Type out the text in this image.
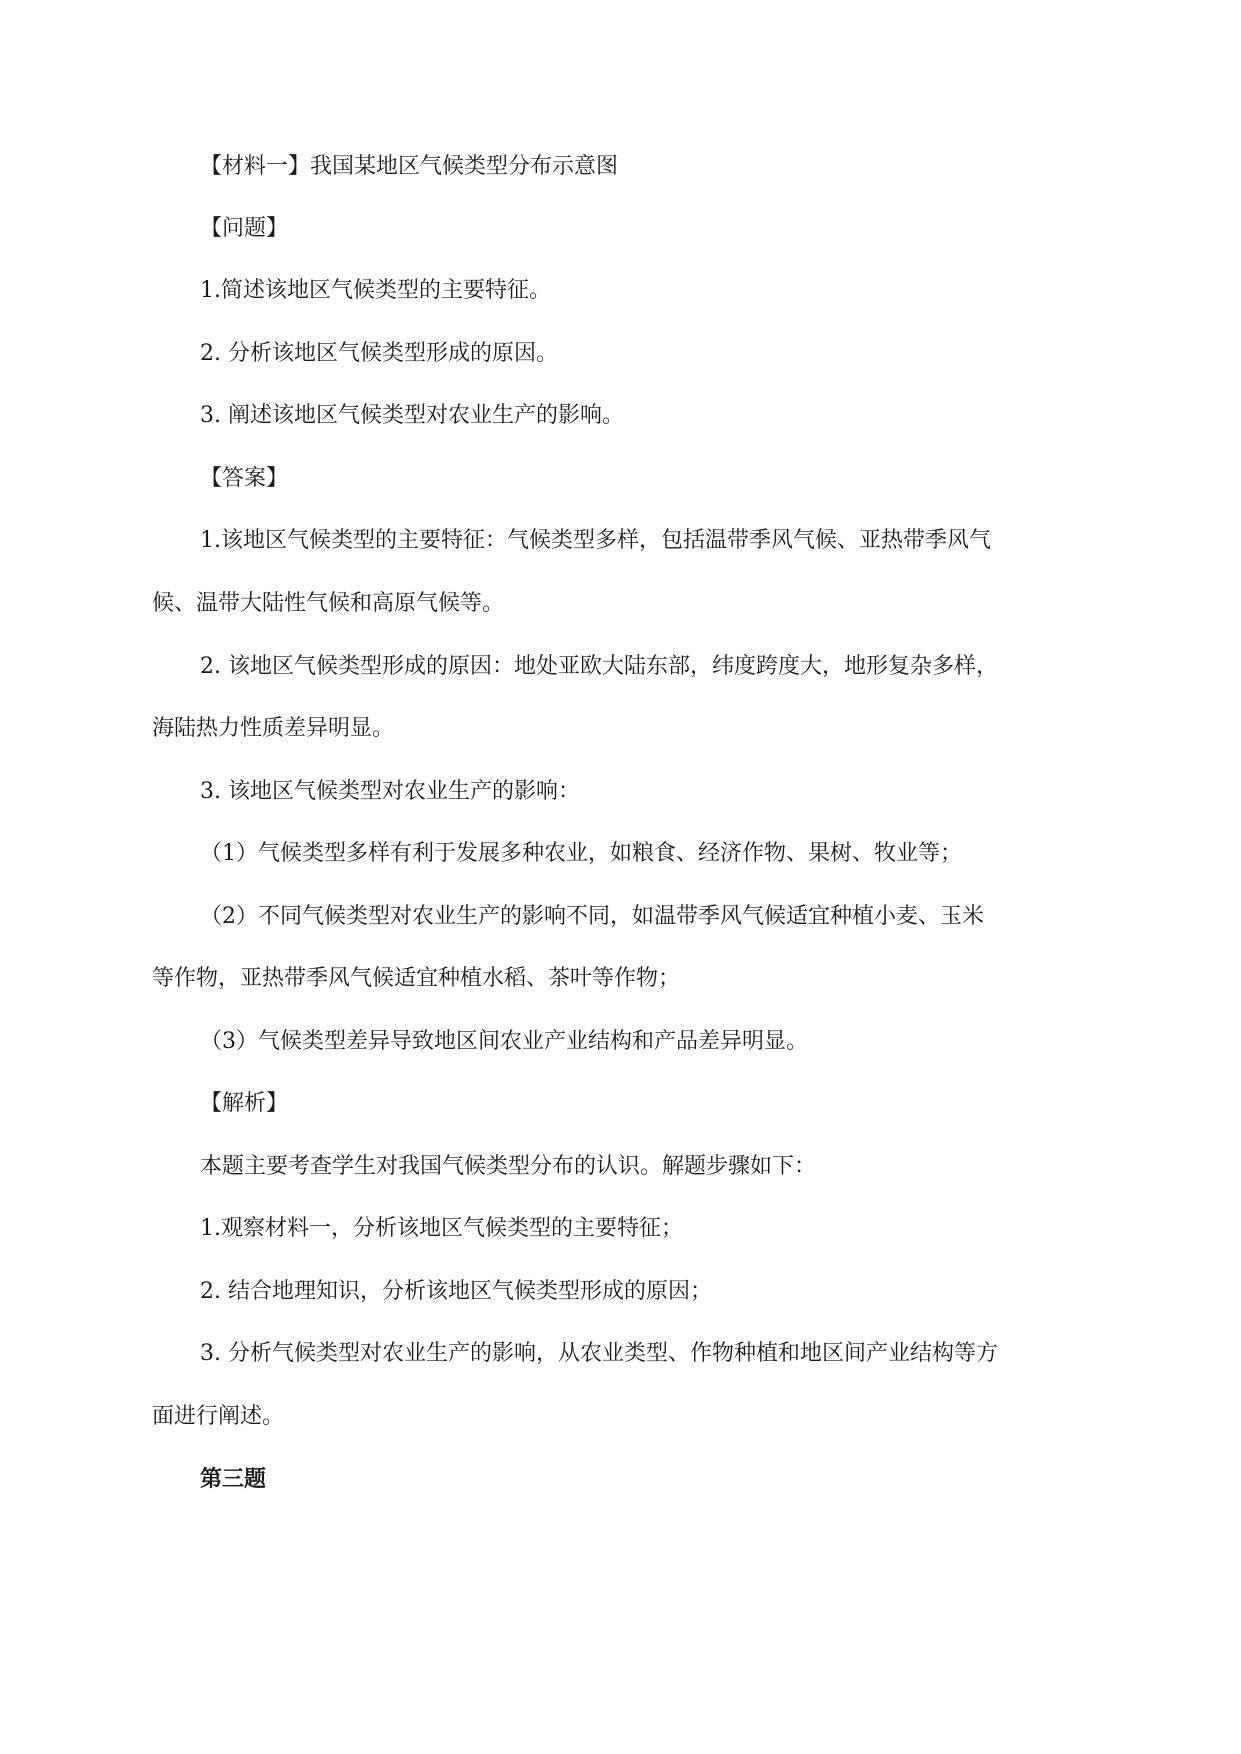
【材料一】我国某地区气候类型分布示意图
【问题】
1.简述该地区气候类型的主要特征。
2. 分析该地区气候类型形成的原因。
3. 阐述该地区气候类型对农业生产的影响。
【答案】
1.该地区气候类型的主要特征：气候类型多样，包括温带季风气候、亚热带季风气
候、温带大陆性气候和高原气候等。
2. 该地区气候类型形成的原因：地处亚欧大陆东部，纬度跨度大，地形复杂多样，
海陆热力性质差异明显。
3. 该地区气候类型对农业生产的影响：
（1）气候类型多样有利于发展多种农业，如粮食、经济作物、果树、牧业等；
（2）不同气候类型对农业生产的影响不同，如温带季风气候适宜种植小麦、玉米
等作物，亚热带季风气候适宜种植水稻、茶叶等作物；
（3）气候类型差异导致地区间农业产业结构和产品差异明显。
【解析】
本题主要考查学生对我国气候类型分布的认识。解题步骤如下：
1.观察材料一，分析该地区气候类型的主要特征；
2. 结合地理知识，分析该地区气候类型形成的原因；
3. 分析气候类型对农业生产的影响，从农业类型、作物种植和地区间产业结构等方
面进行阐述。
第三题
